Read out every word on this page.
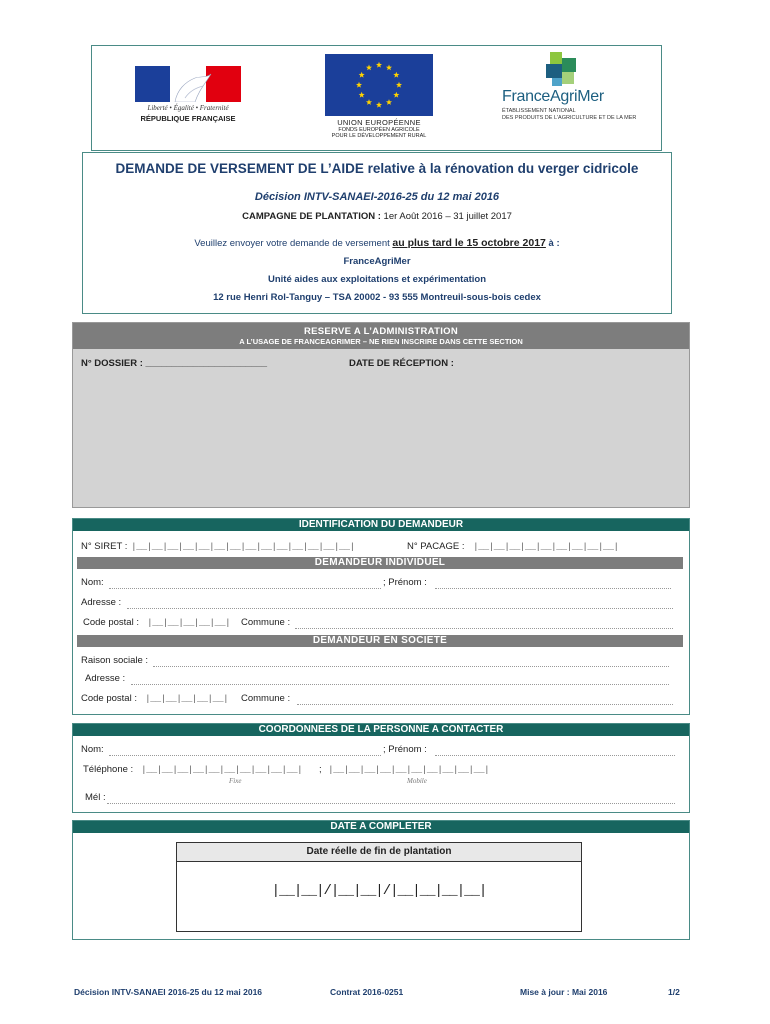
Liberté • Égalité • Fraternité
RÉPUBLIQUE FRANÇAISE	UNION EUROPÉENNE
FONDS EUROPÉEN AGRICOLE
POUR LE DÉVELOPPEMENT RURAL
FranceAgriMer
ÉTABLISSEMENT NATIONAL
DES PRODUITS DE L'AGRICULTURE ET DE LA MER
DEMANDE DE VERSEMENT DE L’AIDE relative à la rénovation du verger cidricole
Décision INTV-SANAEI-2016-25 du 12 mai 2016
CAMPAGNE DE PLANTATION : 1er Août 2016 – 31 juillet 2017
Veuillez envoyer votre demande de versement au plus tard le 15 octobre 2017 à :
FranceAgriMer
Unité aides aux exploitations et expérimentation
12 rue Henri Rol-Tanguy – TSA 20002 - 93 555 Montreuil-sous-bois cedex
RESERVE A L’ADMINISTRATION
A L’USAGE DE FRANCEAGRIMER – NE RIEN INSCRIRE DANS CETTE SECTION
N° DOSSIER : _______________________	DATE DE RÉCEPTION :
IDENTIFICATION DU DEMANDEUR
N° SIRET : |__|__|__|__|__|__|__|__|__|__|__|__|__|__|	N° PACAGE : |__|__|__|__|__|__|__|__|__|
DEMANDEUR INDIVIDUEL
Nom:	; Prénom :
Adresse :
Code postal : |__|__|__|__|__| Commune :
DEMANDEUR EN SOCIETE
Raison sociale :
Adresse :
Code postal : |__|__|__|__|__| Commune :
COORDONNEES DE LA PERSONNE A CONTACTER
Nom:	; Prénom :
Téléphone : |__|__|__|__|__|__|__|__|__|__| ; |__|__|__|__|__|__|__|__|__|__|
Fixe	Mobile
Mél :
DATE A COMPLETER
Date réelle de fin de plantation
|__|__|/|__|__|/|__|__|__|__|
Décision INTV-SANAEI 2016-25 du 12 mai 2016	Contrat 2016-0251	Mise à jour : Mai 2016	1/2
